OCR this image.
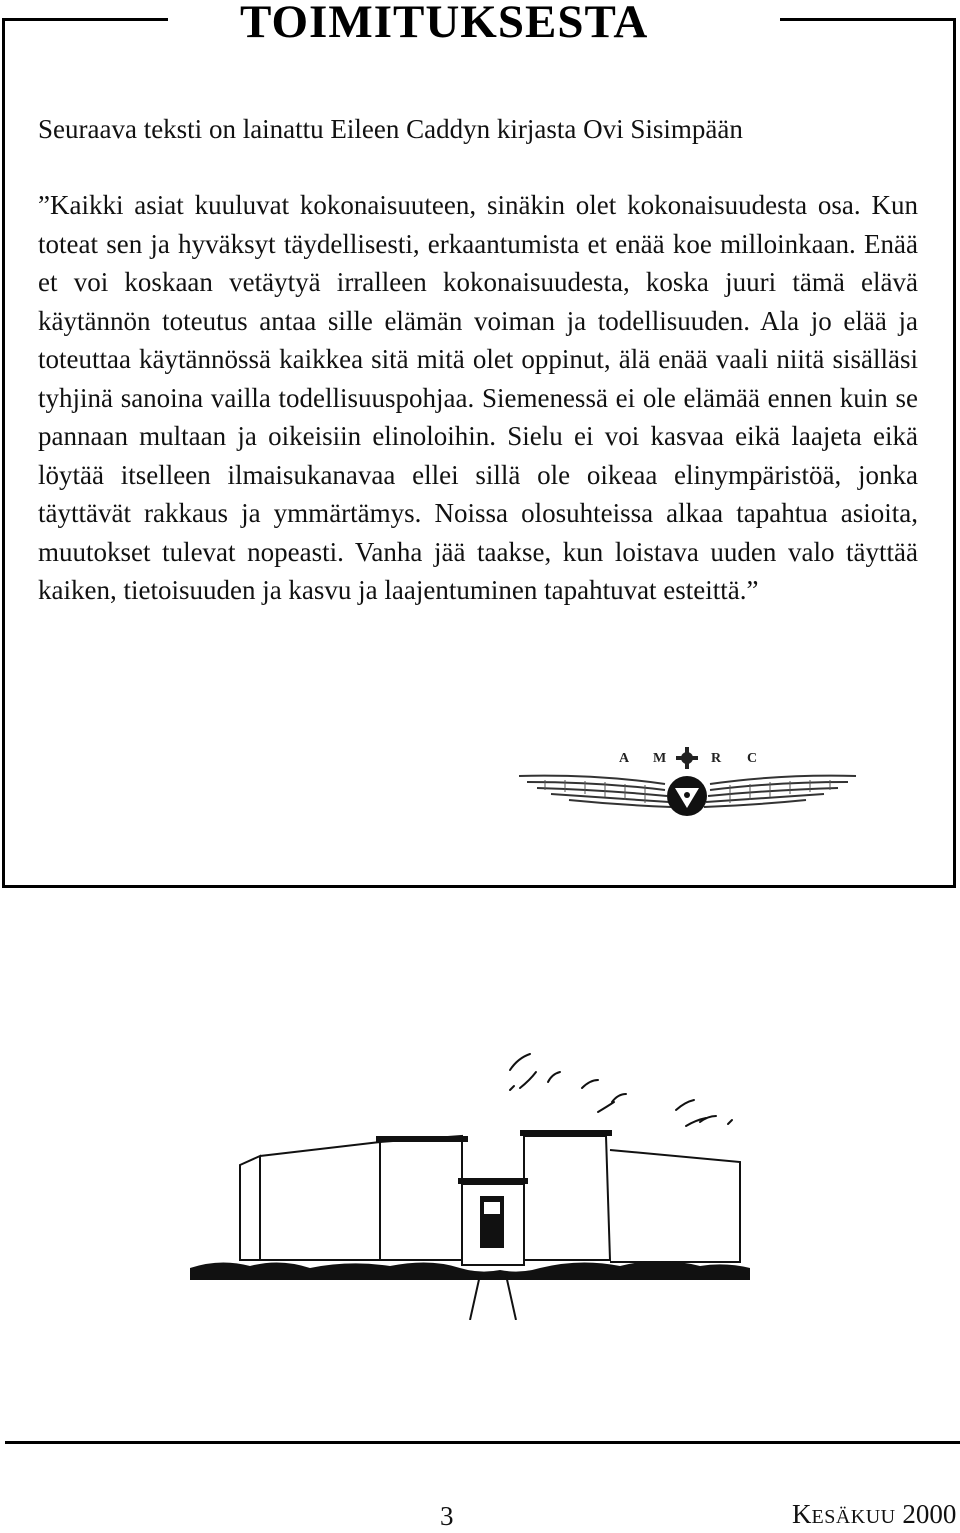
TOIMITUKSESTA

Seuraava teksti on lainattu Eileen Caddyn kirjasta Ovi Sisimpään

”Kaikki asiat kuuluvat kokonaisuuteen, sinäkin olet kokonaisuudesta osa. Kun toteat sen ja hyväksyt täydellisesti, erkaantumista et enää koe milloinkaan. Enää et voi koskaan vetäytyä irralleen kokonaisuudesta, koska juuri tämä elävä käytännön toteutus antaa sille elämän voiman ja todellisuuden. Ala jo elää ja toteuttaa käytännössä kaikkea sitä mitä olet oppinut, älä enää vaali niitä sisälläsi tyhjinä sanoina vailla todellisuuspohjaa. Siemenessä ei ole elämää ennen kuin se pannaan multaan ja oikeisiin elinoloihin. Sielu ei voi kasvaa eikä laajeta eikä löytää itselleen ilmaisukanavaa ellei sillä ole oikeaa elinympäristöä, jonka täyttävät rakkaus ja ymmärtämys. Noissa olosuhteissa alkaa tapahtua asioita, muutokset tulevat nopeasti. Vanha jää taakse, kun loistava uuden valo täyttää kaiken, tietoisuuden ja kasvu ja laajentuminen tapahtuvat esteittä.”

A M	R C
3	KESÄKUU 2000
